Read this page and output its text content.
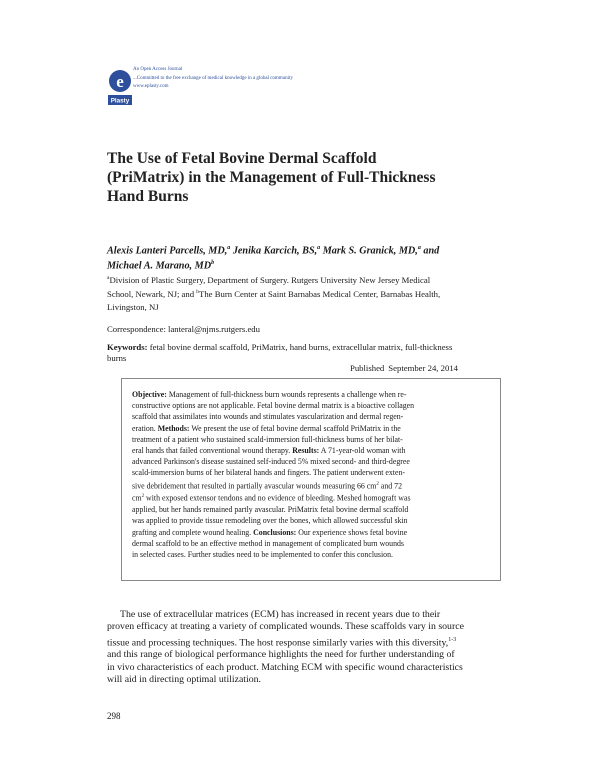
e
Plasty
An Open Access Journal
...Committed to the free exchange of medical knowledge in a global community
www.eplasty.com
The Use of Fetal Bovine Dermal Scaffold
(PriMatrix) in the Management of Full-Thickness
Hand Burns
Alexis Lanteri Parcells, MD,$^a$ Jenika Karcich, BS,$^a$ Mark S. Granick, MD,$^a$ and
Michael A. Marano, $MD^b$
$^a$Division of Plastic Surgery, Department of Surgery. Rutgers University New Jersey Medical
School, Newark, NJ; and $^b$The Burn Center at Saint Barnabas Medical Center, Barnabas Health,
Livingston, NJ
Correspondence: lanteral@njms.rutgers.edu
Keywords: fetal bovine dermal scaffold, PriMatrix, hand burns, extracellular matrix, full-thickness
burns
Published September 24, 2014
Objective: Management of full-thickness burn wounds represents a challenge when re-
constructive options are not applicable. Fetal bovine dermal matrix is a bioactive collagen
scaffold that assimilates into wounds and stimulates vascularization and dermal regen-
eration. Methods: We present the use of fetal bovine dermal scaffold PriMatrix in the
treatment of a patient who sustained scald-immersion full-thickness burns of her bilat-
eral hands that failed conventional wound therapy. Results: A 71-year-old woman with
advanced Parkinson's disease sustained self-induced 5% mixed second- and third-degree
scald-immersion burns of her bilateral hands and fingers. The patient underwent exten-
sive debridement that resulted in partially avascular wounds measuring 66 $cm^2$ and 72
$cm^2$ with exposed extensor tendons and no evidence of bleeding. Meshed homograft was
applied, but her hands remained partly avascular. PriMatrix fetal bovine dermal scaffold
was applied to provide tissue remodeling over the bones, which allowed successful skin
grafting and complete wound healing. Conclusions: Our experience shows fetal bovine
dermal scaffold to be an effective method in management of complicated burn wounds
in selected cases. Further studies need to be implemented to confer this conclusion.
The use of extracellular matrices (ECM) has increased in recent years due to their
proven efficacy at treating a variety of complicated wounds. These scaffolds vary in source
tissue and processing techniques. The host response similarly varies with this diversity,$^{1-3}$
and this range of biological performance highlights the need for further understanding of
in vivo characteristics of each product. Matching ECM with specific wound characteristics
will aid in directing optimal utilization.
298
